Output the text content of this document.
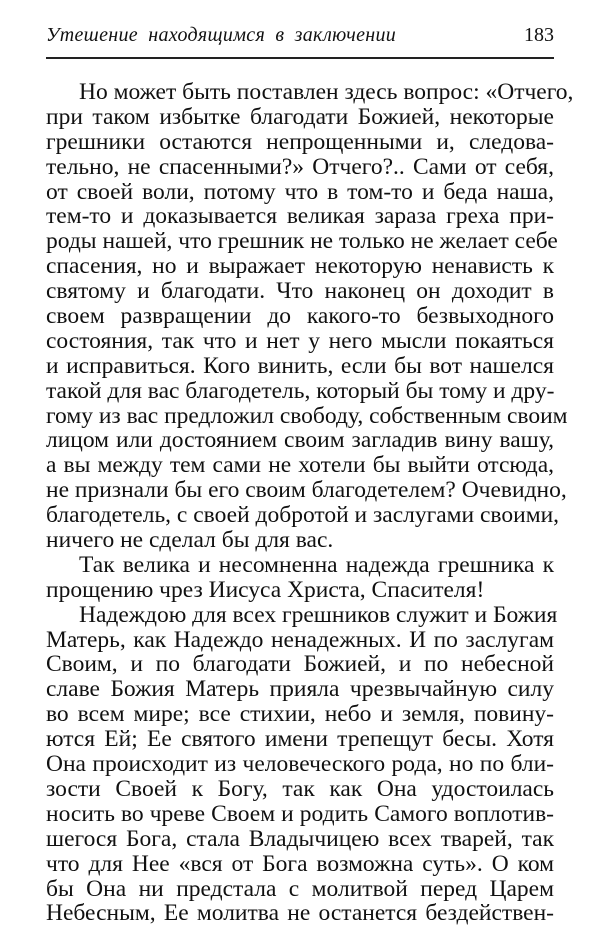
Утешение находящимся в заключении	183
Но может быть поставлен здесь вопрос: «Отчего,
при таком избытке благодати Божией, некоторые
грешники остаются непрощенными и, следова-
тельно, не спасенными?» Отчего?.. Сами от себя,
от своей воли, потому что в том-то и беда наша,
тем-то и доказывается великая зараза греха при-
роды нашей, что грешник не только не желает себе
спасения, но и выражает некоторую ненависть к
святому и благодати. Что наконец он доходит в
своем развращении до какого-то безвыходного
состояния, так что и нет у него мысли покаяться
и исправиться. Кого винить, если бы вот нашелся
такой для вас благодетель, который бы тому и дру-
гому из вас предложил свободу, собственным своим
лицом или достоянием своим загладив вину вашу,
а вы между тем сами не хотели бы выйти отсюда,
не признали бы его своим благодетелем? Очевидно,
благодетель, с своей добротой и заслугами своими,
ничего не сделал бы для вас.
Так велика и несомненна надежда грешника к
прощению чрез Иисуса Христа, Спасителя!
Надеждою для всех грешников служит и Божия
Матерь, как Надеждо ненадежных. И по заслугам
Своим, и по благодати Божией, и по небесной
славе Божия Матерь прияла чрезвычайную силу
во всем мире; все стихии, небо и земля, повину-
ются Ей; Ее святого имени трепещут бесы. Хотя
Она происходит из человеческого рода, но по бли-
зости Своей к Богу, так как Она удостоилась
носить во чреве Своем и родить Самого воплотив-
шегося Бога, стала Владычицею всех тварей, так
что для Нее «вся от Бога возможна суть». О ком
бы Она ни предстала с молитвой перед Царем
Небесным, Ее молитва не останется бездействен-
